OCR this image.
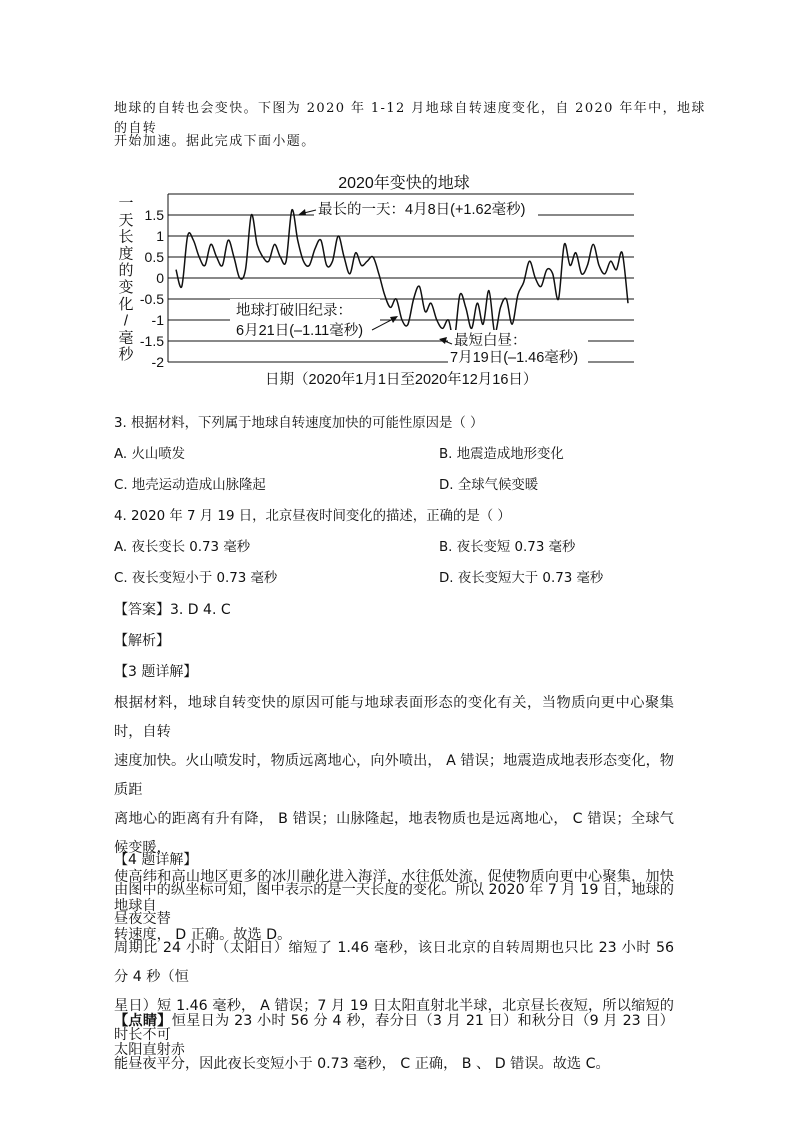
地球的自转也会变快。下图为 2020 年 1-12 月地球自转速度变化，自 2020 年年中，地球的自转
开始加速。据此完成下面小题。
2020年变快的地球
一
天
长
度
的
变
化
/
毫
秒
1.5
1
0.5
0
-0.5
-1
-1.5
-2
最长的一天：4月8日(+1.62毫秒)
地球打破旧纪录：
6月21日(–1.11毫秒)
最短白昼：
7月19日(–1.46毫秒)
日期（2020年1月1日至2020年12月16日）
3. 根据材料，下列属于地球自转速度加快的可能性原因是（ ）
A. 火山喷发	B. 地震造成地形变化
C. 地壳运动造成山脉隆起	D. 全球气候变暖
4. 2020 年 7 月 19 日，北京昼夜时间变化的描述，正确的是（ ）
A. 夜长变长 0.73 毫秒	B. 夜长变短 0.73 毫秒
C. 夜长变短小于 0.73 毫秒	D. 夜长变短大于 0.73 毫秒
【答案】3. D 4. C
【解析】
【3 题详解】
根据材料，地球自转变快的原因可能与地球表面形态的变化有关，当物质向更中心聚集时，自转
速度加快。火山喷发时，物质远离地心，向外喷出， A 错误；地震造成地表形态变化，物质距
离地心的距离有升有降， B 错误；山脉隆起，地表物质也是远离地心， C 错误；全球气候变暖，
使高纬和高山地区更多的冰川融化进入海洋，水往低处流，促使物质向更中心聚集，加快地球自
转速度， D 正确。故选 D。
【4 题详解】
由图中的纵坐标可知，图中表示的是一天长度的变化。所以 2020 年 7 月 19 日，地球的昼夜交替
周期比 24 小时（太阳日）缩短了 1.46 毫秒，该日北京的自转周期也只比 23 小时 56 分 4 秒（恒
星日）短 1.46 毫秒， A 错误；7 月 19 日太阳直射北半球，北京昼长夜短，所以缩短的时长不可
能昼夜平分，因此夜长变短小于 0.73 毫秒， C 正确， B 、 D 错误。故选 C。
【点睛】恒星日为 23 小时 56 分 4 秒，春分日（3 月 21 日）和秋分日（9 月 23 日）太阳直射赤
